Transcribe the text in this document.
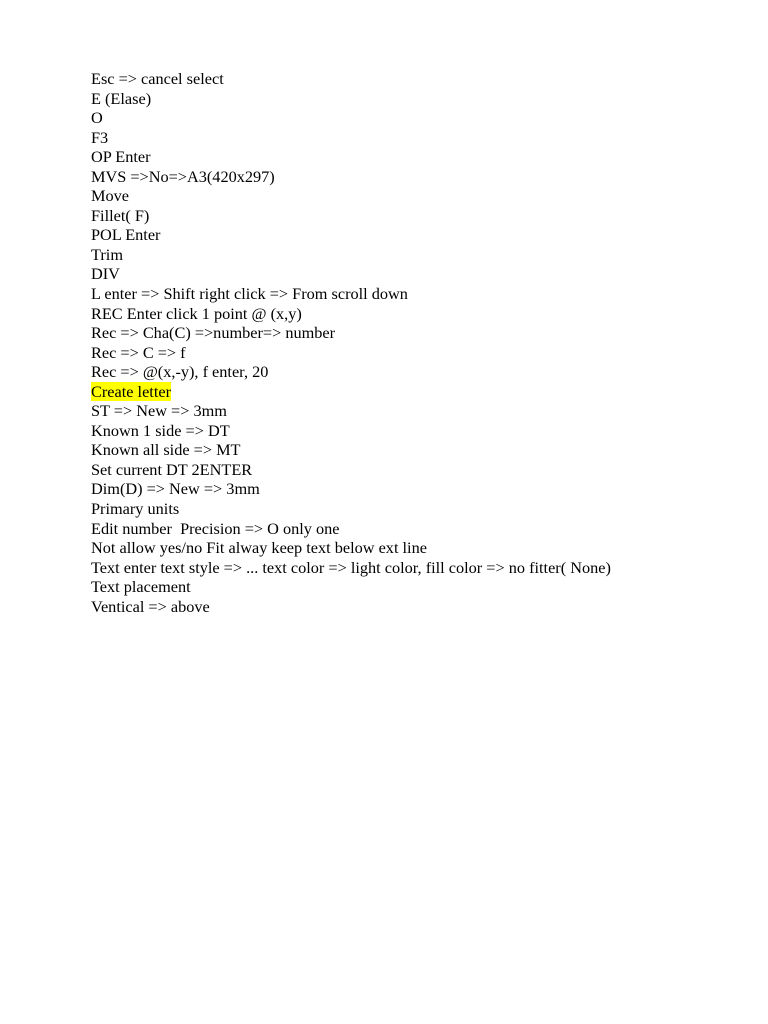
Esc => cancel select
E (Elase)
O
F3
OP Enter
MVS =>No=>A3(420x297)
Move
Fillet( F)
POL Enter
Trim
DIV
L enter => Shift right click => From scroll down
REC Enter click 1 point @ (x,y)
Rec => Cha(C) =>number=> number
Rec => C => f
Rec => @(x,-y), f enter, 20
Create letter
ST => New => 3mm
Known 1 side => DT
Known all side => MT
Set current DT 2ENTER
Dim(D) => New => 3mm
Primary units
Edit number  Precision => O only one
Not allow yes/no Fit alway keep text below ext line
Text enter text style => ... text color => light color, fill color => no fitter( None)
Text placement
Ventical => above
